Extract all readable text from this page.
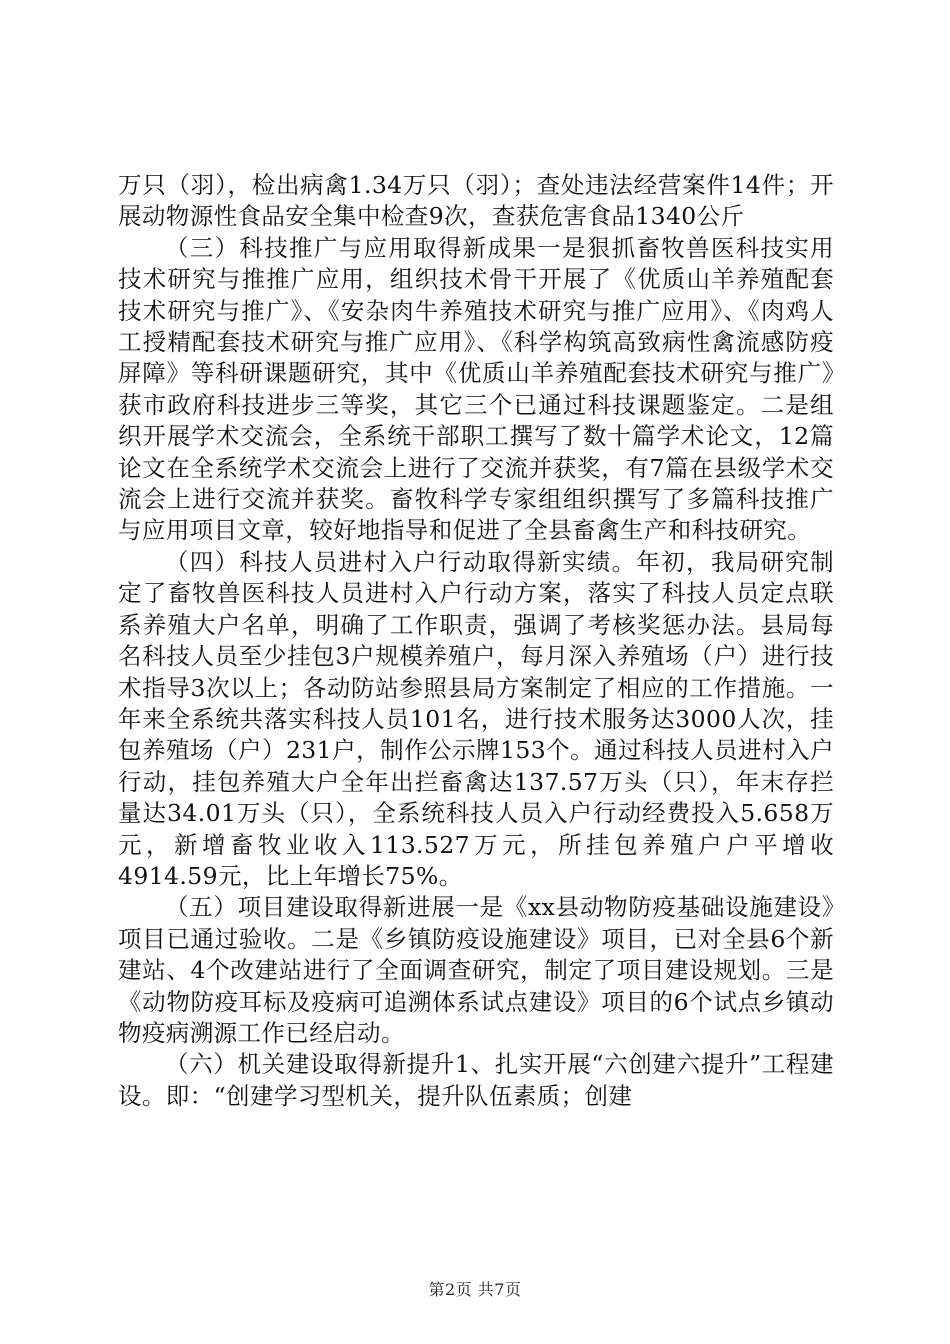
万只（羽），检出病禽1.34万只（羽）；查处违法经营案件14件；开展动物源性食品安全集中检查9次，查获危害食品1340公斤

（三）科技推广与应用取得新成果一是狠抓畜牧兽医科技实用技术研究与推推广应用，组织技术骨干开展了《优质山羊养殖配套技术研究与推广》、《安杂肉牛养殖技术研究与推广应用》、《肉鸡人工授精配套技术研究与推广应用》、《科学构筑高致病性禽流感防疫屏障》等科研课题研究，其中《优质山羊养殖配套技术研究与推广》获市政府科技进步三等奖，其它三个已通过科技课题鉴定。二是组织开展学术交流会，全系统干部职工撰写了数十篇学术论文，12篇论文在全系统学术交流会上进行了交流并获奖，有7篇在县级学术交流会上进行交流并获奖。畜牧科学专家组组织撰写了多篇科技推广与应用项目文章，较好地指导和促进了全县畜禽生产和科技研究。

（四）科技人员进村入户行动取得新实绩。年初，我局研究制定了畜牧兽医科技人员进村入户行动方案，落实了科技人员定点联系养殖大户名单，明确了工作职责，强调了考核奖惩办法。县局每名科技人员至少挂包3户规模养殖户，每月深入养殖场（户）进行技术指导3次以上；各动防站参照县局方案制定了相应的工作措施。一年来全系统共落实科技人员101名，进行技术服务达3000人次，挂包养殖场（户）231户，制作公示牌153个。通过科技人员进村入户行动，挂包养殖大户全年出拦畜禽达137.57万头（只），年末存拦量达34.01万头（只），全系统科技人员入户行动经费投入5.658万元，新增畜牧业收入113.527万元，所挂包养殖户户平增收4914.59元，比上年增长75%。

（五）项目建设取得新进展一是《xx县动物防疫基础设施建设》项目已通过验收。二是《乡镇防疫设施建设》项目，已对全县6个新建站、4个改建站进行了全面调查研究，制定了项目建设规划。三是《动物防疫耳标及疫病可追溯体系试点建设》项目的6个试点乡镇动物疫病溯源工作已经启动。

（六）机关建设取得新提升1、扎实开展“六创建六提升”工程建设。即：“创建学习型机关，提升队伍素质；创建

第2页 共7页
